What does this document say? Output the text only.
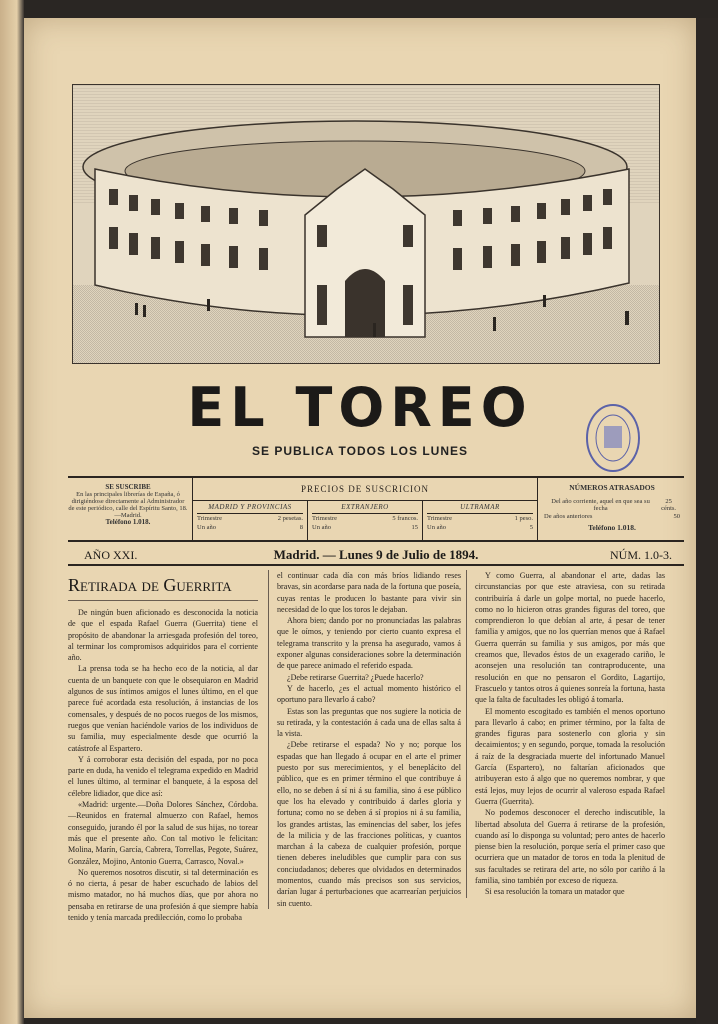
EL TOREO
SE PUBLICA TODOS LOS LUNES
SE SUSCRIBE
En las principales librerías de España, ó dirigiéndose directamente al Administrador de este periódico, calle del Espíritu Santo, 18.—Madrid.
Teléfono 1.018.
PRECIOS DE SUSCRICION
MADRID Y PROVINCIAS
Trimestre	2 pesetas.
Un año	8
EXTRANJERO
Trimestre	5 francos.
Un año	15
ULTRAMAR
Trimestre	1 peso.
Un año	5
NÚMEROS ATRASADOS
Del año corriente, aquel en que sea su fecha
25 cénts.
De años anteriores	50
Teléfono 1.018.
AÑO XXI.	Madrid. — Lunes 9 de Julio de 1894.	NÚM. 1.0-3.

Retirada de Guerrita

De ningún buen aficionado es desconocida la noticia de que el espada Rafael Guerra (Guerrita) tiene el propósito de abandonar la arriesgada profesión del toreo, al terminar los compromisos adquiridos para el corriente año.

La prensa toda se ha hecho eco de la noticia, al dar cuenta de un banquete con que le obsequiaron en Madrid algunos de sus íntimos amigos el lunes último, en el que parece fué acordada esta resolución, á instancias de los comensales, y después de no pocos ruegos de los mismos, ruegos que venían haciéndole varios de los individuos de su familia, muy especialmente desde que ocurrió la catástrofe al Espartero.

Y á corroborar esta decisión del espada, por no poca parte en duda, ha venido el telegrama expedido en Madrid el lunes último, al terminar el banquete, á la esposa del célebre lidiador, que dice así:

«Madrid: urgente.—Doña Dolores Sánchez, Córdoba.—Reunidos en fraternal almuerzo con Rafael, hemos conseguido, jurando él por la salud de sus hijas, no torear más que el presente año. Con tal motivo le felicitan: Molina, Marín, García, Cabrera, Torrellas, Pegote, Suárez, González, Mojino, Antonio Guerra, Carrasco, Noval.»

No queremos nosotros discutir, si tal determinación es ó no cierta, á pesar de haber escuchado de labios del mismo matador, no há muchos días, que por ahora no pensaba en retirarse de una profesión á que siempre había tenido y tenía marcada predilección, como lo probaba

el continuar cada día con más bríos lidiando reses bravas, sin acordarse para nada de la fortuna que poseía, cuyas rentas le producen lo bastante para vivir sin necesidad de lo que los toros le dejaban.

Ahora bien; dando por no pronunciadas las palabras que le oímos, y teniendo por cierto cuanto expresa el telegrama transcrito y la prensa ha asegurado, vamos á exponer algunas consideraciones sobre la determinación de que parece animado el referido espada.

¿Debe retirarse Guerrita? ¿Puede hacerlo?

Y de hacerlo, ¿es el actual momento histórico el oportuno para llevarlo á cabo?

Estas son las preguntas que nos sugiere la noticia de su retirada, y la contestación á cada una de ellas salta á la vista.

¿Debe retirarse el espada? No y no; porque los espadas que han llegado á ocupar en el arte el primer puesto por sus merecimientos, y el beneplácito del público, que es en primer término el que contribuye á ello, no se deben á sí ni á su familia, sino á ese público que los ha elevado y contribuido á darles gloria y fortuna; como no se deben á sí propios ni á su familia, los grandes artistas, las eminencias del saber, los jefes de la milicia y de las fracciones políticas, y cuantos marchan á la cabeza de cualquier profesión, porque tienen deberes ineludibles que cumplir para con sus conciudadanos; deberes que olvidados en determinados momentos, cuando más precisos son sus servicios, darían lugar á perturbaciones que acarrearían perjuicios sin cuento.

Y como Guerra, al abandonar el arte, dadas las circunstancias por que este atraviesa, con su retirada contribuiría á darle un golpe mortal, no puede hacerlo, como no lo hicieron otras grandes figuras del toreo, que comprendieron lo que debían al arte, á pesar de tener familia y amigos, que no los querrían menos que á Rafael Guerra querrán su familia y sus amigos, por más que creamos que, llevados éstos de un exagerado cariño, le aconsejen una resolución tan contraproducente, una resolución en que no pensaron el Gordito, Lagartijo, Frascuelo y tantos otros á quienes sonreía la fortuna, hasta que la falta de facultades les obligó á tomarla.

El momento escogitado es también el menos oportuno para llevarlo á cabo; en primer término, por la falta de grandes figuras para sostenerlo con gloria y sin decaimientos; y en segundo, porque, tomada la resolución á raíz de la desgraciada muerte del infortunado Manuel García (Espartero), no faltarían aficionados que atribuyeran esto á algo que no queremos nombrar, y que está lejos, muy lejos de ocurrir al valeroso espada Rafael Guerra (Guerrita).

No podemos desconocer el derecho indiscutible, la libertad absoluta del Guerra á retirarse de la profesión, cuando así lo disponga su voluntad; pero antes de hacerlo piense bien la resolución, porque sería el primer caso que ocurriera que un matador de toros en toda la plenitud de sus facultades se retirara del arte, no sólo por cariño á la familia, sino también por exceso de riqueza.

Si esa resolución la tomara un matador que
